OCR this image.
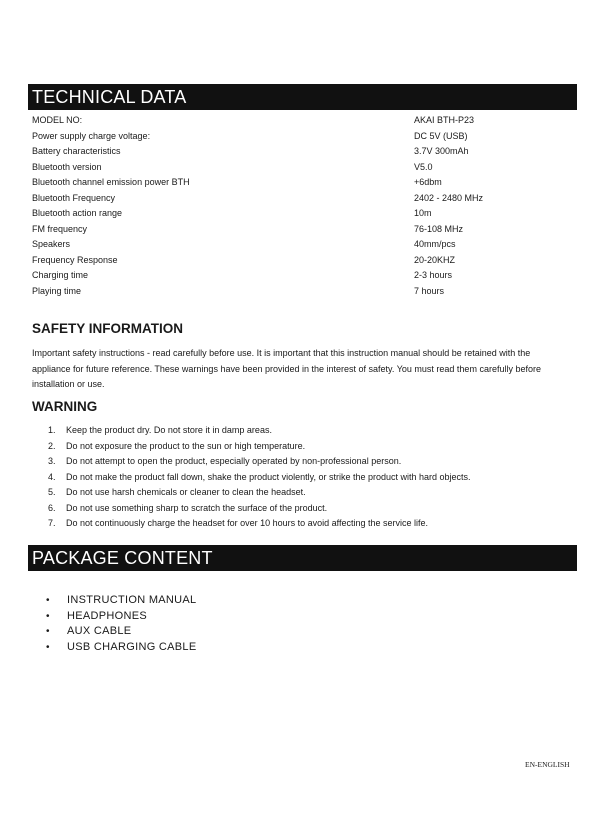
TECHNICAL DATA
MODEL NO:	AKAI BTH-P23
Power supply charge voltage:	DC 5V (USB)
Battery characteristics	3.7V 300mAh
Bluetooth version	V5.0
Bluetooth channel emission power BTH	+6dbm
Bluetooth Frequency	2402 - 2480 MHz
Bluetooth action range	10m
FM frequency	76-108 MHz
Speakers	40mm/pcs
Frequency Response	20-20KHZ
Charging time	2-3 hours
Playing time	7 hours
SAFETY INFORMATION
Important safety instructions - read carefully before use. It is important that this instruction manual should be retained with the appliance for future reference. These warnings have been provided in the interest of safety. You must read them carefully before installation or use.
WARNING
1. Keep the product dry. Do not store it in damp areas.
2. Do not exposure the product to the sun or high temperature.
3. Do not attempt to open the product, especially operated by non-professional person.
4. Do not make the product fall down, shake the product violently, or strike the product with hard objects.
5. Do not use harsh chemicals or cleaner to clean the headset.
6. Do not use something sharp to scratch the surface of the product.
7. Do not continuously charge the headset for over 10 hours to avoid affecting the service life.
PACKAGE CONTENT
• INSTRUCTION MANUAL
• HEADPHONES
• AUX CABLE
• USB CHARGING CABLE
EN-ENGLISH
